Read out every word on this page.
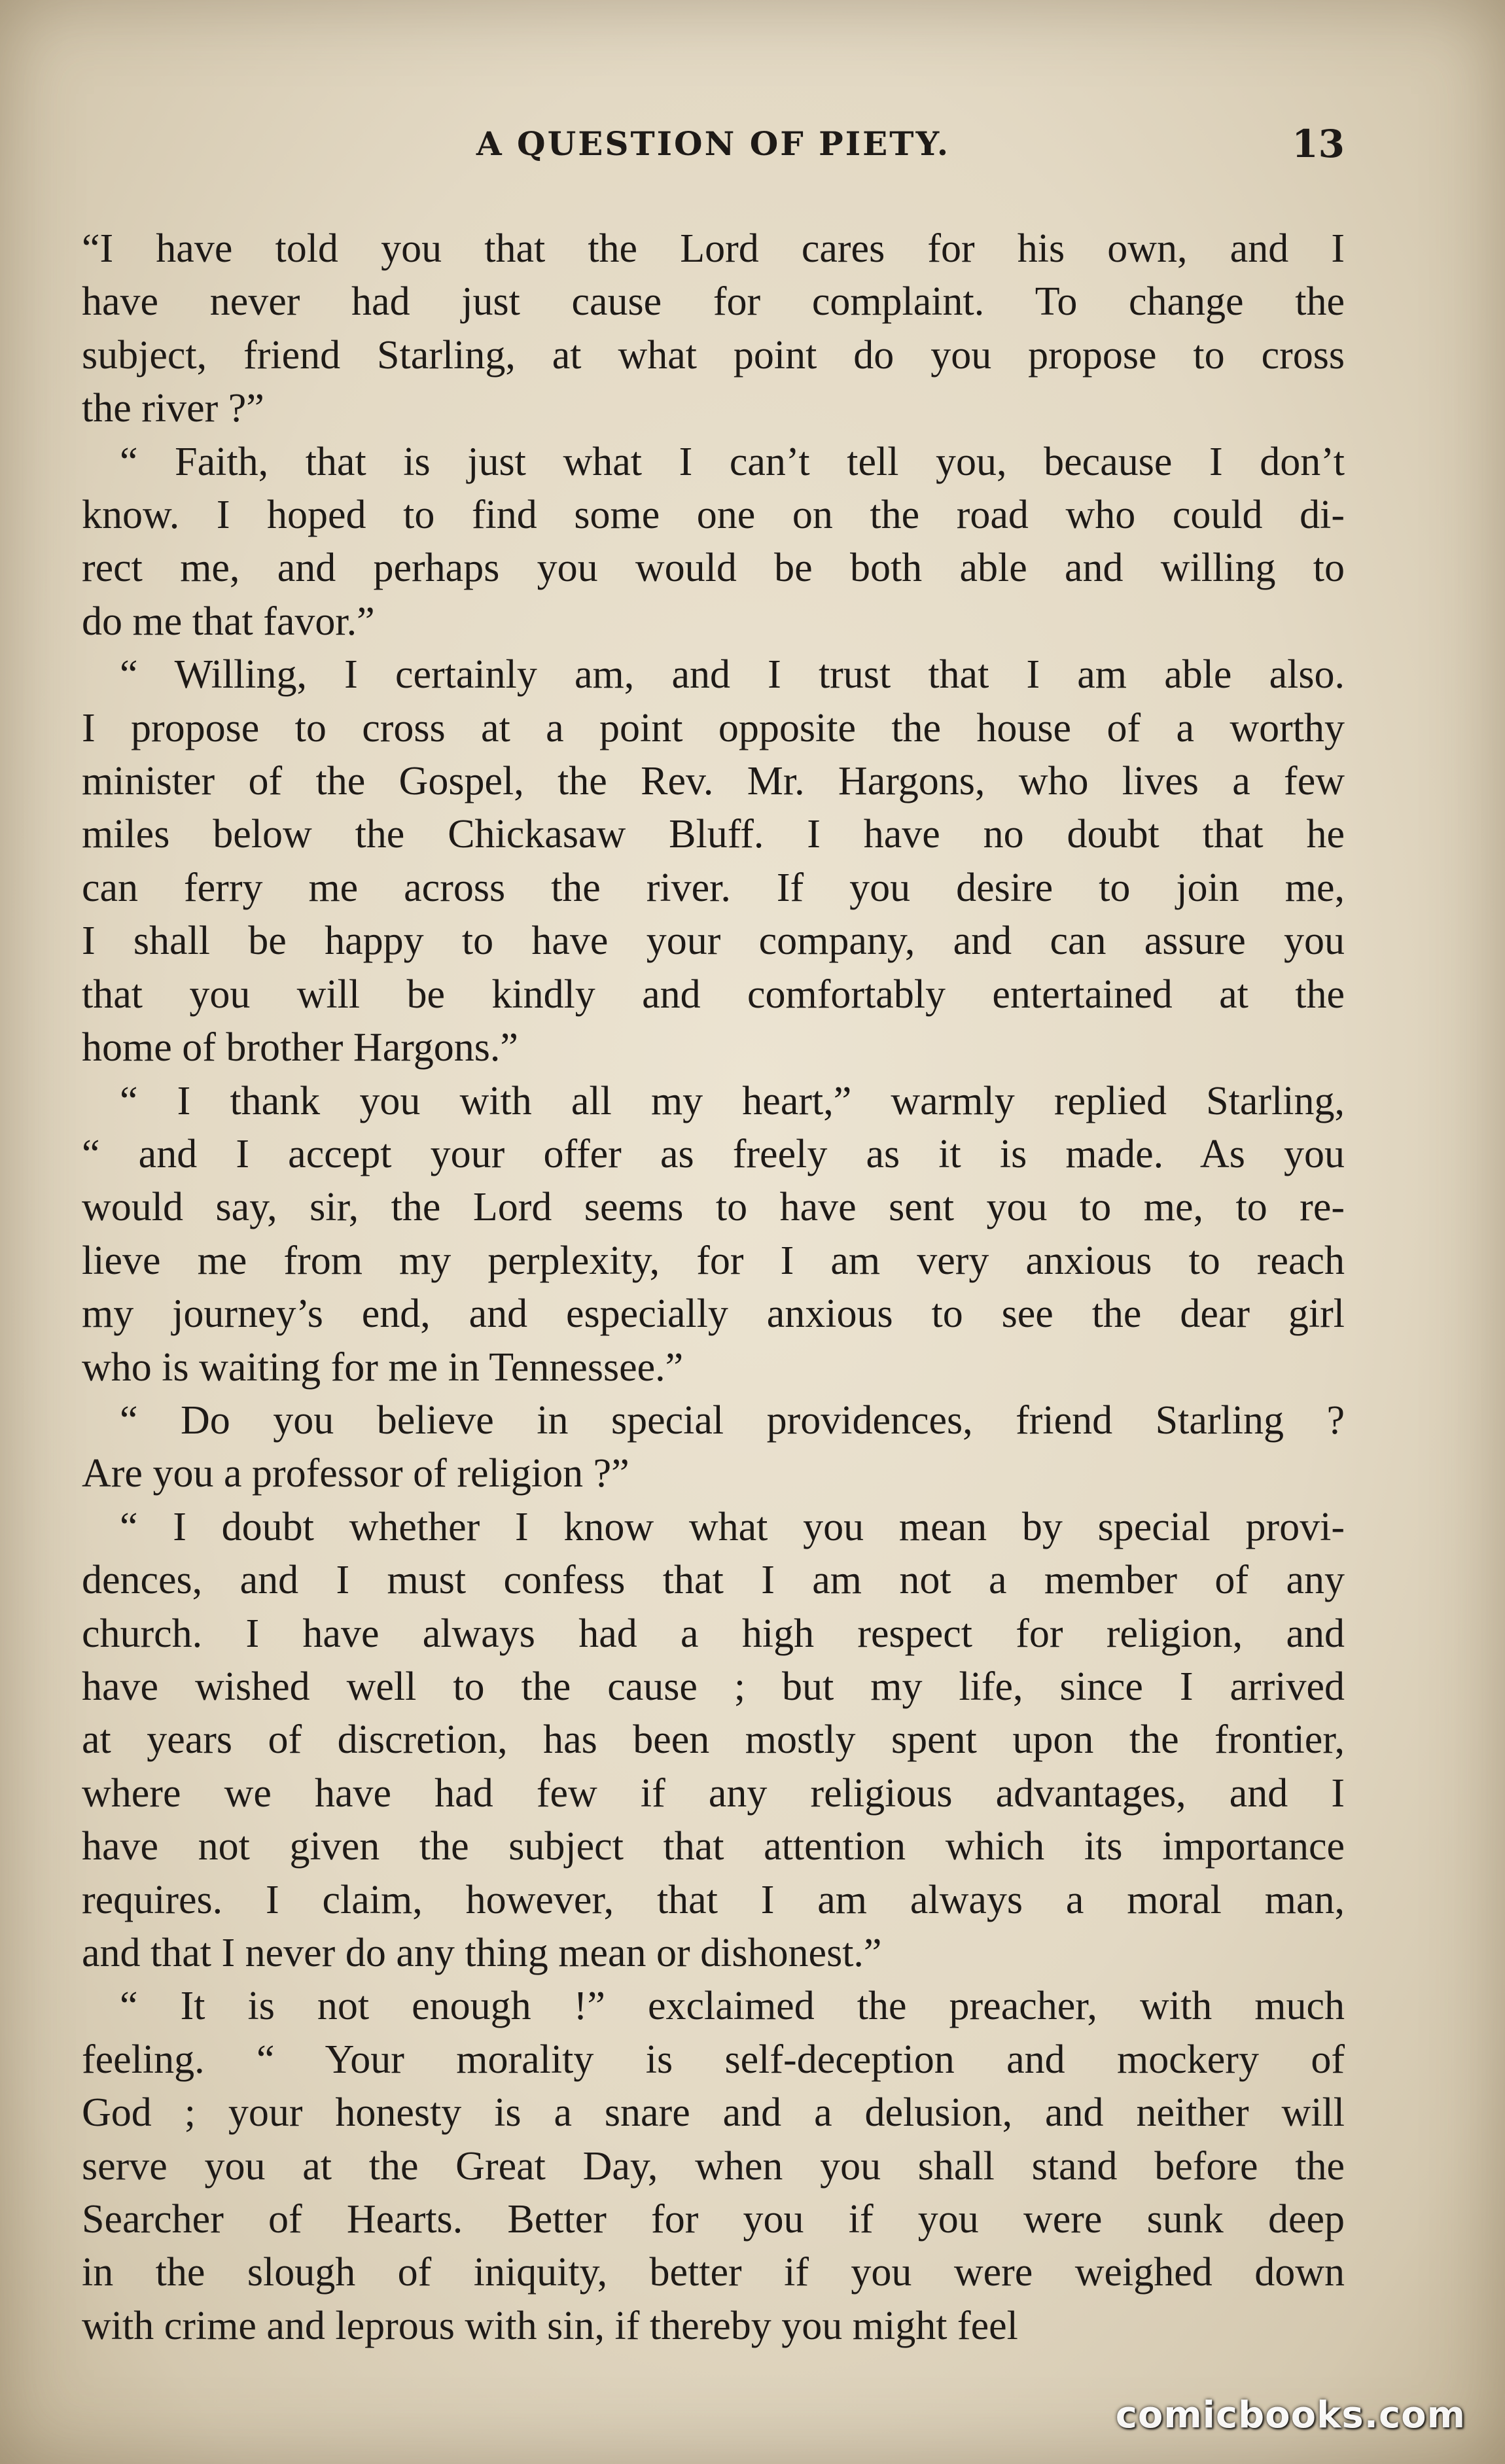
A QUESTION OF PIETY.	13

“I have told you that the Lord cares for his own, and I
have never had just cause for complaint. To change the
subject, friend Starling, at what point do you propose to cross
the river ?”

“ Faith, that is just what I can’t tell you, because I don’t
know. I hoped to find some one on the road who could di-
rect me, and perhaps you would be both able and willing to
do me that favor.”

“ Willing, I certainly am, and I trust that I am able also.
I propose to cross at a point opposite the house of a worthy
minister of the Gospel, the Rev. Mr. Hargons, who lives a few
miles below the Chickasaw Bluff. I have no doubt that he
can ferry me across the river. If you desire to join me,
I shall be happy to have your company, and can assure you
that you will be kindly and comfortably entertained at the
home of brother Hargons.”

“ I thank you with all my heart,” warmly replied Starling,
“ and I accept your offer as freely as it is made. As you
would say, sir, the Lord seems to have sent you to me, to re-
lieve me from my perplexity, for I am very anxious to reach
my journey’s end, and especially anxious to see the dear girl
who is waiting for me in Tennessee.”

“ Do you believe in special providences, friend Starling ?
Are you a professor of religion ?”

“ I doubt whether I know what you mean by special provi-
dences, and I must confess that I am not a member of any
church. I have always had a high respect for religion, and
have wished well to the cause ; but my life, since I arrived
at years of discretion, has been mostly spent upon the frontier,
where we have had few if any religious advantages, and I
have not given the subject that attention which its importance
requires. I claim, however, that I am always a moral man,
and that I never do any thing mean or dishonest.”

“ It is not enough !” exclaimed the preacher, with much
feeling. “ Your morality is self-deception and mockery of
God ; your honesty is a snare and a delusion, and neither will
serve you at the Great Day, when you shall stand before the
Searcher of Hearts. Better for you if you were sunk deep
in the slough of iniquity, better if you were weighed down
with crime and leprous with sin, if thereby you might feel

comicbooks.com
